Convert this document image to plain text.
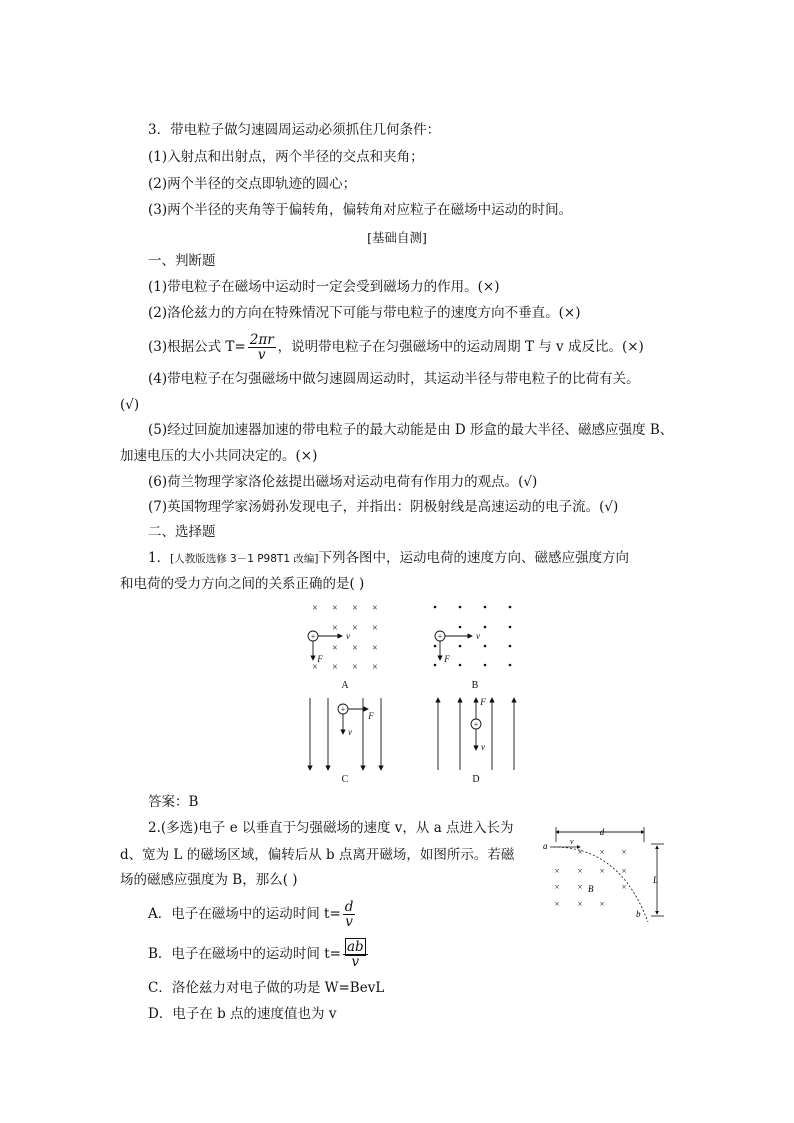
3．带电粒子做匀速圆周运动必须抓住几何条件：
(1)入射点和出射点，两个半径的交点和夹角；
(2)两个半径的交点即轨迹的圆心；
(3)两个半径的夹角等于偏转角，偏转角对应粒子在磁场中运动的时间。
[基础自测]
一、判断题
(1)带电粒子在磁场中运动时一定会受到磁场力的作用。(×)
(2)洛伦兹力的方向在特殊情况下可能与带电粒子的速度方向不垂直。(×)
(3)根据公式 $T= \frac{2\pi r}{v}$ ，说明带电粒子在匀强磁场中的运动周期 T 与 v 成反比。(×)
(4)带电粒子在匀强磁场中做匀速圆周运动时，其运动半径与带电粒子的比荷有关。
(√)
(5)经过回旋加速器加速的带电粒子的最大动能是由 D 形盒的最大半径、磁感应强度 B、
加速电压的大小共同决定的。(×)
(6)荷兰物理学家洛伦兹提出磁场对运动电荷有作用力的观点。(√)
(7)英国物理学家汤姆孙发现电子，并指出：阴极射线是高速运动的电子流。(√)
二、选择题
1．[人教版选修 3－1 P98T1 改编]下列各图中，运动电荷的速度方向、磁感应强度方向
和电荷的受力方向之间的关系正确的是( )
× × × ×
× × ×
× × ×
× × × ×
+	v
F
A
+	v
F
B
+
F
v
C
+
F
v
D
答案：B
2.(多选)电子 e 以垂直于匀强磁场的速度 v，从 a 点进入长为
d、宽为 L 的磁场区域，偏转后从 b 点离开磁场，如图所示。若磁
场的磁感应强度为 B，那么( )
A．电子在磁场中的运动时间 $t= \frac{d}{v}$
B．电子在磁场中的运动时间 $t= \frac{ab}{v}$
C．洛伦兹力对电子做的功是 W=BevL
D．电子在 b 点的速度值也为 v
d
a	v
× × ×
× × × ×
× ×	×
× × ×
B
b
L
